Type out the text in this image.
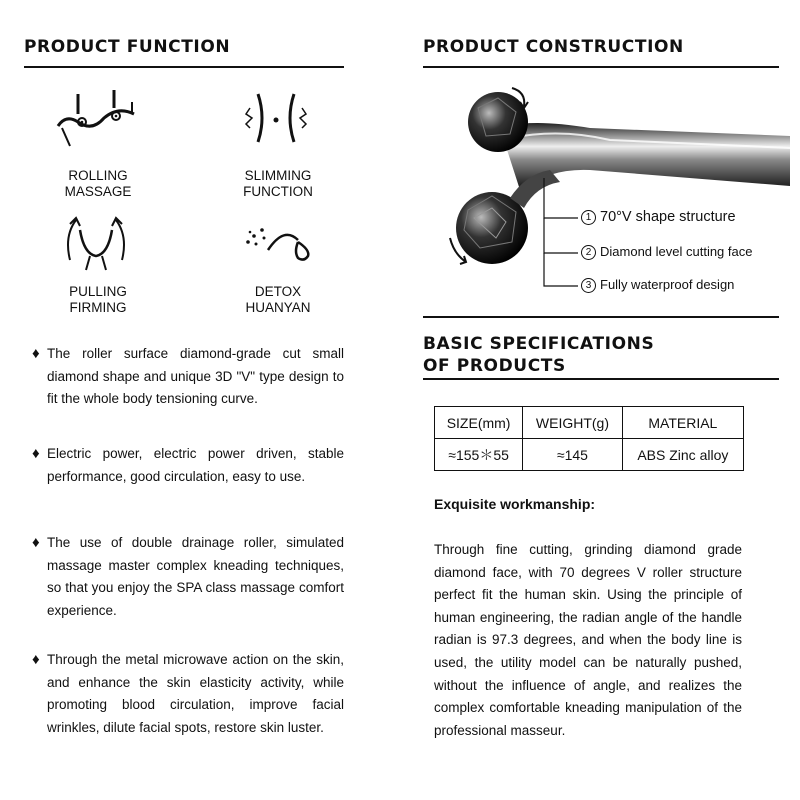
PRODUCT FUNCTION
ROLLING
MASSAGE
SLIMMING
FUNCTION
PULLING
FIRMING
DETOX
HUANYAN
♦ The roller surface diamond-grade cut small diamond shape and unique 3D "V" type design to fit the whole body tensioning curve.

♦ Electric power, electric power driven, stable performance, good circulation, easy to use.

♦ The use of double drainage roller, simulated massage master complex kneading techniques, so that you enjoy the SPA class massage comfort experience.

♦ Through the metal microwave action on the skin, and enhance the skin elasticity activity, while promoting blood circulation, improve facial wrinkles, dilute facial spots, restore skin luster.

PRODUCT CONSTRUCTION
1 70°V shape structure
2 Diamond level cutting face
3 Fully waterproof design
BASIC SPECIFICATIONS
OF PRODUCTS
SIZE(mm)	WEIGHT(g)	MATERIAL
≈155＊55	≈145	ABS Zinc alloy
Exquisite workmanship:

Through fine cutting, grinding diamond grade diamond face, with 70 degrees V roller structure perfect fit the human skin. Using the principle of human engineering, the radian angle of the handle radian is 97.3 degrees, and when the body line is used, the utility model can be naturally pushed, without the influence of angle, and realizes the complex comfortable kneading manipulation of the professional masseur.
